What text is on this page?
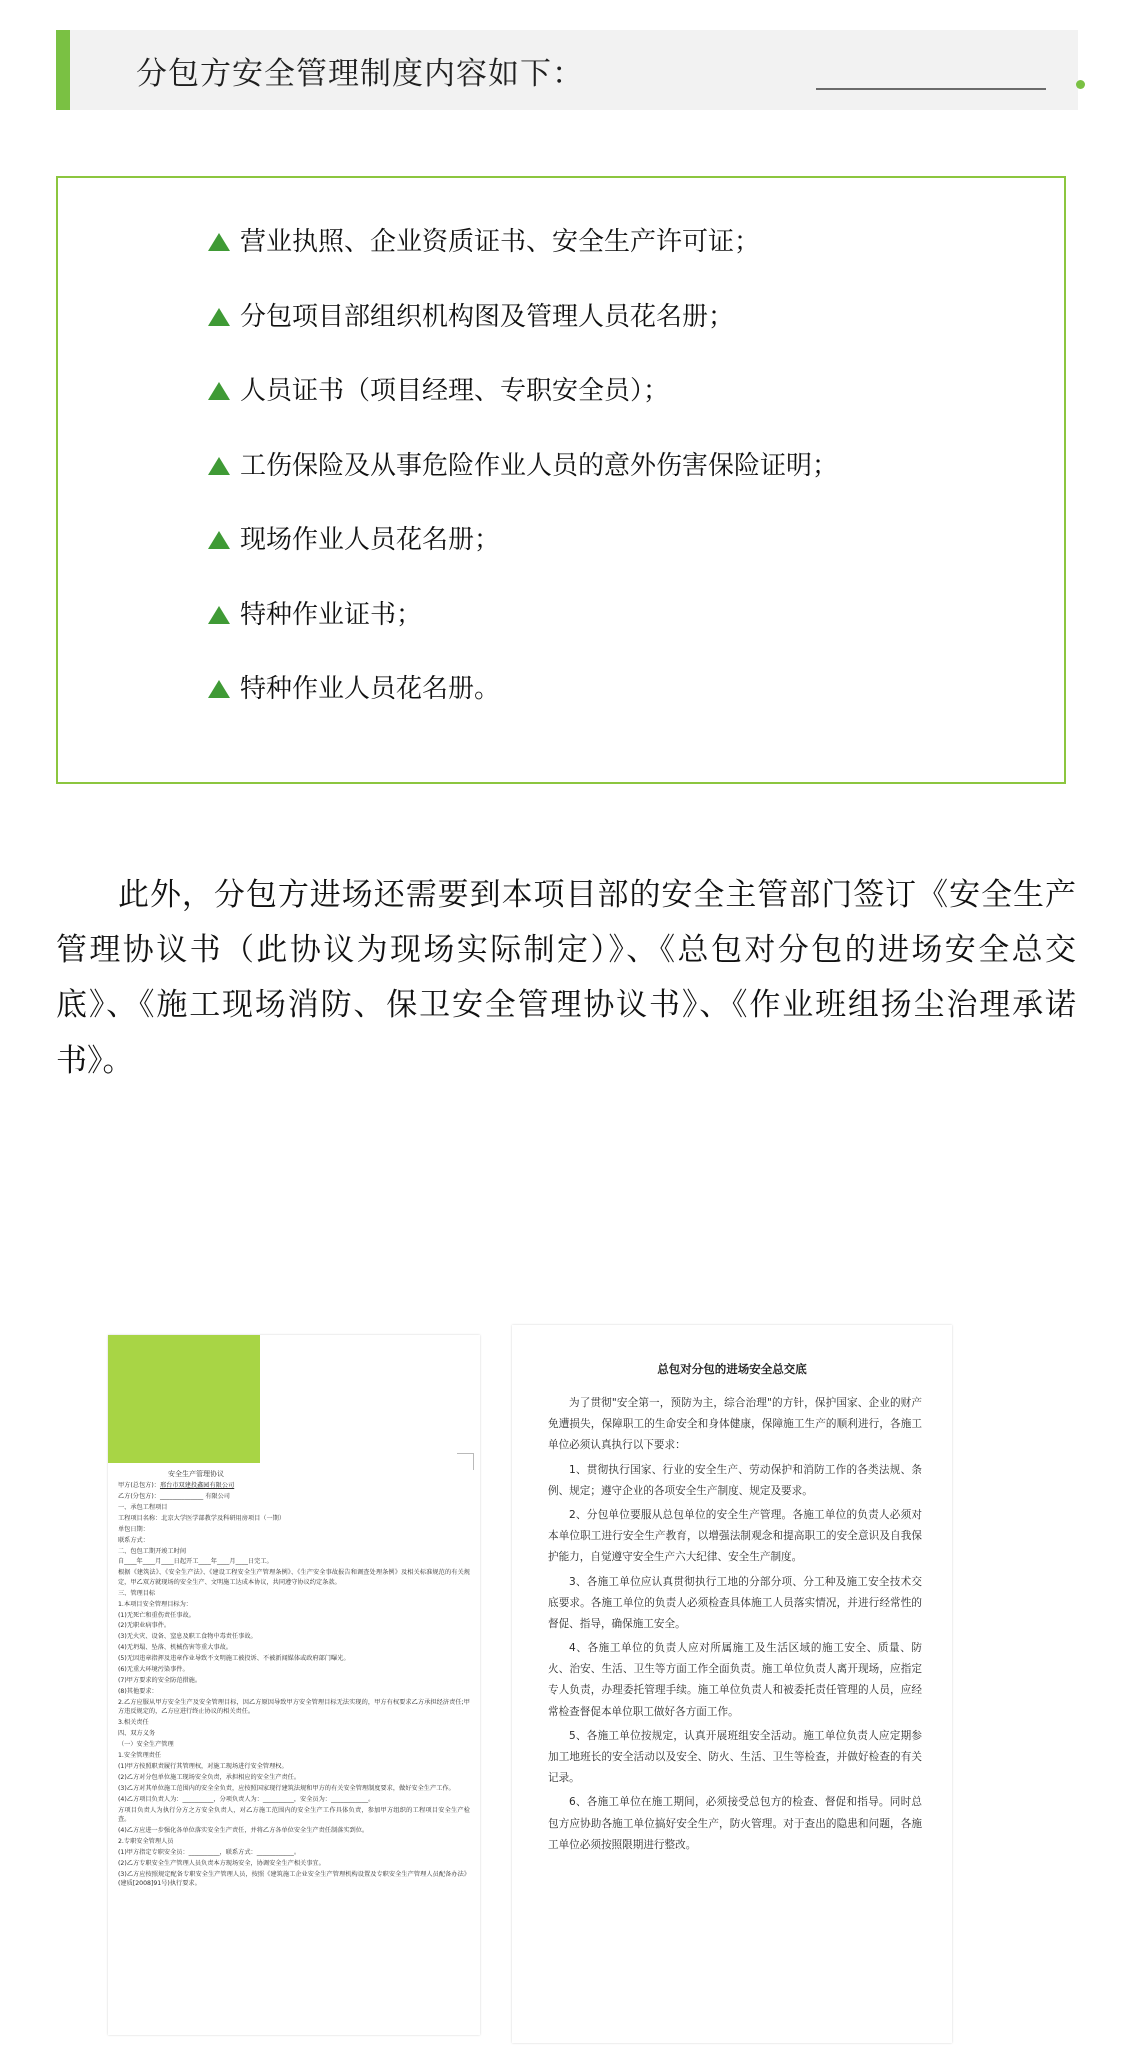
分包方安全管理制度内容如下：
营业执照、企业资质证书、安全生产许可证；
分包项目部组织机构图及管理人员花名册；
人员证书（项目经理、专职安全员）；
工伤保险及从事危险作业人员的意外伤害保险证明；
现场作业人员花名册；
特种作业证书；
特种作业人员花名册。
此外，分包方进场还需要到本项目部的安全主管部门签订《安全生产管理协议书（此协议为现场实际制定）》、《总包对分包的进场安全总交底》、《施工现场消防、保卫安全管理协议书》、《作业班组扬尘治理承诺书》。
安全生产管理协议

甲方(总包方)：邢台市双建投鑫园有限公司

乙方(分包方)：______________ 有限公司

一、承包工程项目

工程项目名称：北京大学医学部教学及科研用房项目（一期）

单包日期：

联系方式：

二、包包工期开竣工时间

自____年____月____日起开工____年____月____日完工。

根据《建筑法》、《安全生产法》、《建设工程安全生产管理条例》、《生产安全事故报告和调查处理条例》及相关标准规范的有关规定，甲乙双方就现场的安全生产、文明施工达成本协议，共同遵守协议约定条款。

三、管理目标

1.本项目安全管理目标为：

(1)无死亡和重伤责任事故。

(2)无职业病事件。

(3)无火灾、设备、窒息及职工食物中毒责任事故。

(4)无坍塌、坠落、机械伤害等重大事故。

(5)无因违章指挥及违章作业导致不文明施工被投诉、不被新闻媒体或政府部门曝光。

(6)无重大环境污染事件。

(7)甲方要求的安全防范措施。

(8)其他要求：

2.乙方应服从甲方安全生产及安全管理目标，因乙方原因导致甲方安全管理目标无法实现的，甲方有权要求乙方承担经济责任;甲方违反规定的，乙方应进行终止协议的相关责任。

3.相关责任

四、双方义务

（一）安全生产管理

1.安全管理责任

(1)甲方按照职责履行其管理权，对施工现场进行安全管理权。

(2)乙方对分包单位施工现场安全负责，承担相应的安全生产责任。

(3)乙方对其单位施工范围内的安全全负责，应按照国家现行建筑法规和甲方的有关安全管理制度要求，做好安全生产工作。

(4)乙方项目负责人为：__________，分项负责人为：__________，安全员为：____________。

方项目负责人为执行分方之方安全负责人，对乙方施工范围内的安全生产工作具体负责，参加甲方组织的工程项目安全生产检查。

(4)乙方应进一步强化各单位落实安全生产责任，并将乙方各单位安全生产责任制落实到位。

2.专职安全管理人员

(1)甲方指定专职安全员：__________，联系方式：____________。

(2)乙方专职安全生产管理人员负责本方现场安全，协调安全生产相关事宜。

(3)乙方应按照规定配备专职安全生产管理人员，按照《建筑施工企业安全生产管理机构设置及专职安全生产管理人员配备办法》(建质[2008]91号)执行要求。

总包对分包的进场安全总交底

为了贯彻"安全第一，预防为主，综合治理"的方针，保护国家、企业的财产免遭损失，保障职工的生命安全和身体健康，保障施工生产的顺利进行，各施工单位必须认真执行以下要求：

1、贯彻执行国家、行业的安全生产、劳动保护和消防工作的各类法规、条例、规定；遵守企业的各项安全生产制度、规定及要求。

2、分包单位要服从总包单位的安全生产管理。各施工单位的负责人必须对本单位职工进行安全生产教育，以增强法制观念和提高职工的安全意识及自我保护能力，自觉遵守安全生产六大纪律、安全生产制度。

3、各施工单位应认真贯彻执行工地的分部分项、分工种及施工安全技术交底要求。各施工单位的负责人必须检查具体施工人员落实情况，并进行经常性的督促、指导，确保施工安全。

4、各施工单位的负责人应对所属施工及生活区域的施工安全、质量、防火、治安、生活、卫生等方面工作全面负责。施工单位负责人离开现场，应指定专人负责，办理委托管理手续。施工单位负责人和被委托责任管理的人员，应经常检查督促本单位职工做好各方面工作。

5、各施工单位按规定，认真开展班组安全活动。施工单位负责人应定期参加工地班长的安全活动以及安全、防火、生活、卫生等检查，并做好检查的有关记录。

6、各施工单位在施工期间，必须接受总包方的检查、督促和指导。同时总包方应协助各施工单位搞好安全生产，防火管理。对于查出的隐患和问题，各施工单位必须按照限期进行整改。
